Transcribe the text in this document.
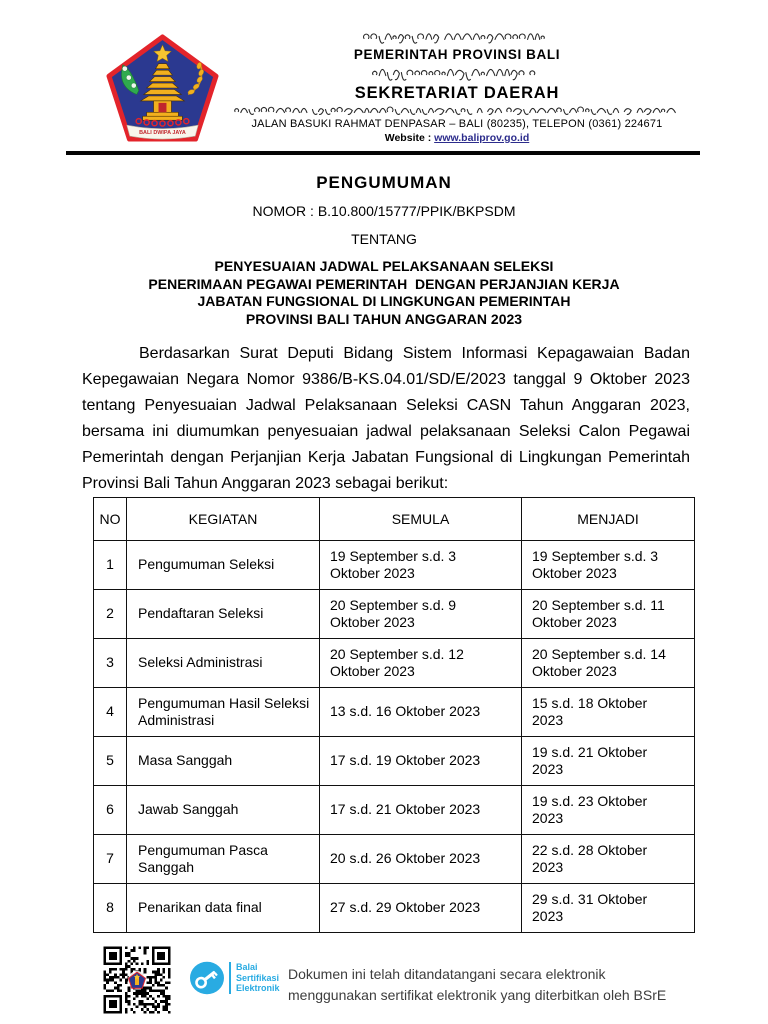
BALI DWIPA JAYA
PEMERINTAH PROVINSI BALI
SEKRETARIAT DAERAH
JALAN BASUKI RAHMAT DENPASAR – BALI (80235), TELEPON (0361) 224671
Website : www.baliprov.go.id
PENGUMUMAN
NOMOR : B.10.800/15777/PPIK/BKPSDM
TENTANG
PENYESUAIAN JADWAL PELAKSANAAN SELEKSI
PENERIMAAN PEGAWAI PEMERINTAH  DENGAN PERJANJIAN KERJA
JABATAN FUNGSIONAL DI LINGKUNGAN PEMERINTAH
PROVINSI BALI TAHUN ANGGARAN 2023

Berdasarkan Surat Deputi Bidang Sistem Informasi Kepagawaian Badan Kepegawaian Negara Nomor 9386/B-KS.04.01/SD/E/2023 tanggal 9 Oktober 2023 tentang Penyesuaian Jadwal Pelaksanaan Seleksi CASN Tahun Anggaran 2023, bersama ini diumumkan penyesuaian jadwal pelaksanaan Seleksi Calon Pegawai Pemerintah dengan Perjanjian Kerja Jabatan Fungsional di Lingkungan Pemerintah Provinsi Bali Tahun Anggaran 2023 sebagai berikut:

NO	KEGIATAN	SEMULA	MENJADI
1	Pengumuman Seleksi	19 September s.d. 3 Oktober 2023	19 September s.d. 3 Oktober 2023
2	Pendaftaran Seleksi	20 September s.d. 9 Oktober 2023	20 September s.d. 11 Oktober 2023
3	Seleksi Administrasi	20 September s.d. 12 Oktober 2023	20 September s.d. 14 Oktober 2023
4	Pengumuman Hasil Seleksi Administrasi	13 s.d. 16 Oktober 2023	15 s.d. 18 Oktober 2023
5	Masa Sanggah	17 s.d. 19 Oktober 2023	19 s.d. 21 Oktober 2023
6	Jawab Sanggah	17 s.d. 21 Oktober 2023	19 s.d. 23 Oktober 2023
7	Pengumuman Pasca Sanggah	20 s.d. 26 Oktober 2023	22 s.d. 28 Oktober 2023
8	Penarikan data final	27 s.d. 29 Oktober 2023	29 s.d. 31 Oktober 2023
Balai
Sertifikasi
Elektronik
Dokumen ini telah ditandatangani secara elektronik
menggunakan sertifikat elektronik yang diterbitkan oleh BSrE
